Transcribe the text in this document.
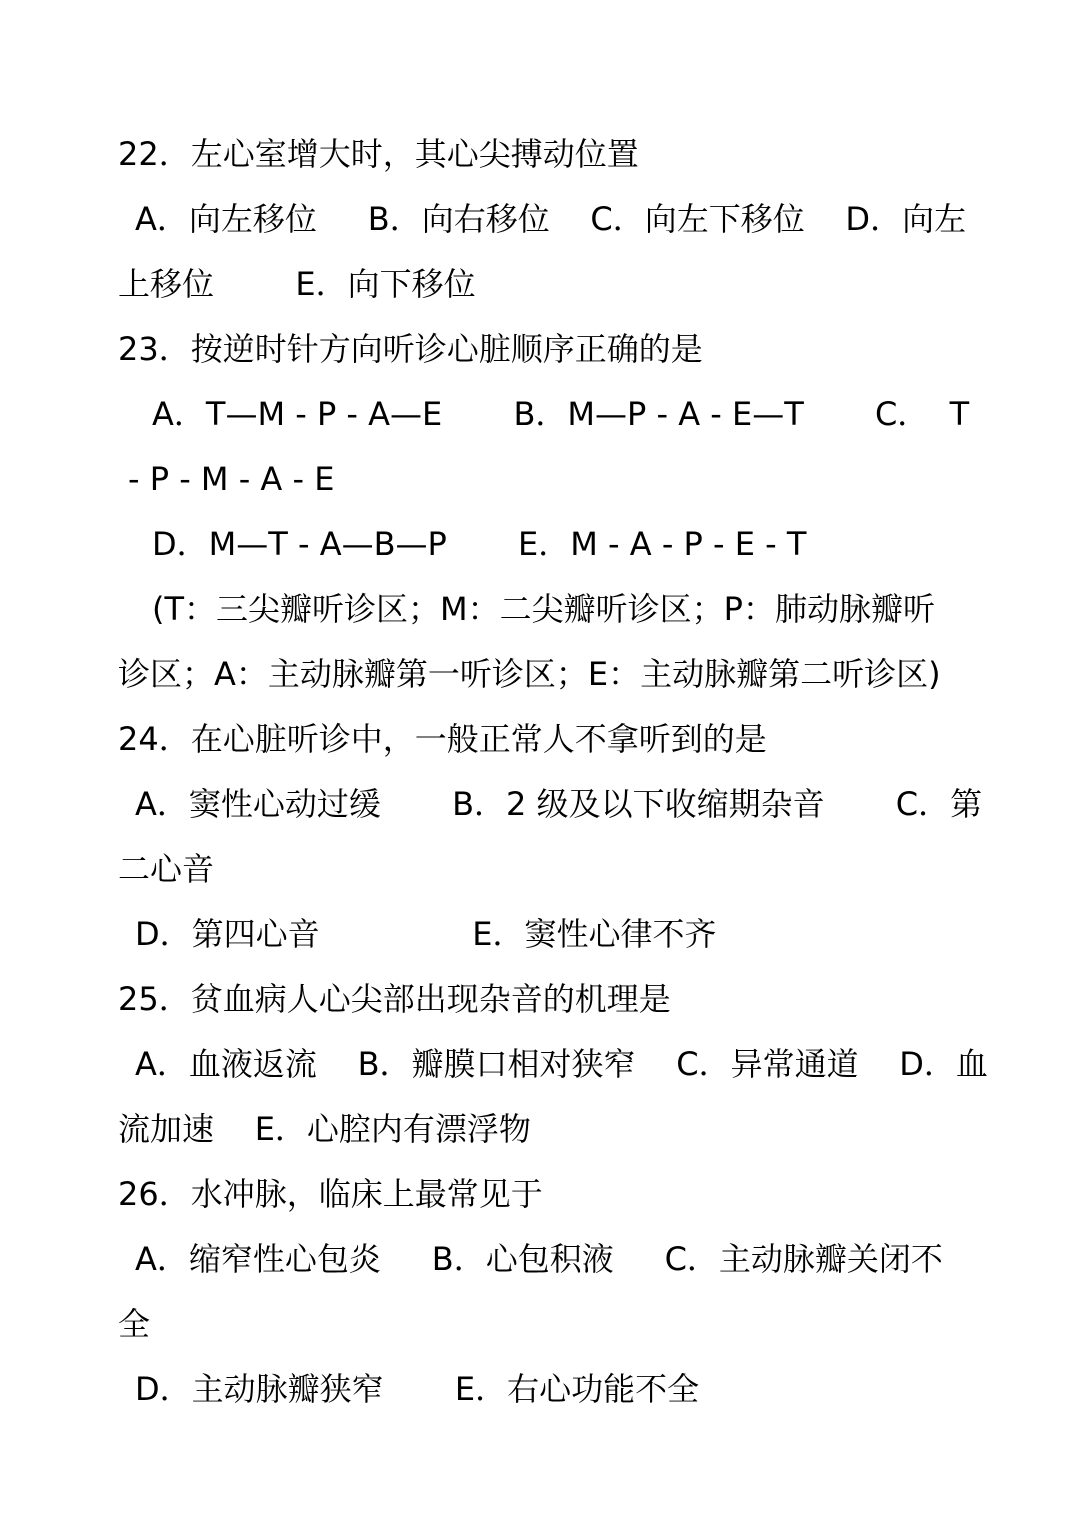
22．左心室增大时，其心尖搏动位置
A．向左移位     B．向右移位    C．向左下移位    D．向左
上移位        E．向下移位
23．按逆时针方向听诊心脏顺序正确的是
A．T—M - P - A—E       B．M—P - A - E—T       C．  T
- P - M - A - E
D．M—T - A—B—P       E．M - A - P - E - T
(T：三尖瓣听诊区；M：二尖瓣听诊区；P：肺动脉瓣听
诊区；A：主动脉瓣第一听诊区；E：主动脉瓣第二听诊区)
24．在心脏听诊中，一般正常人不拿听到的是
A．窦性心动过缓       B．2 级及以下收缩期杂音       C．第
二心音
D．第四心音               E．窦性心律不齐
25．贫血病人心尖部出现杂音的机理是
A．血液返流    B．瓣膜口相对狭窄    C．异常通道    D．血
流加速    E．心腔内有漂浮物
26．水冲脉，临床上最常见于
A．缩窄性心包炎     B．心包积液     C．主动脉瓣关闭不
全
D．主动脉瓣狭窄       E．右心功能不全
